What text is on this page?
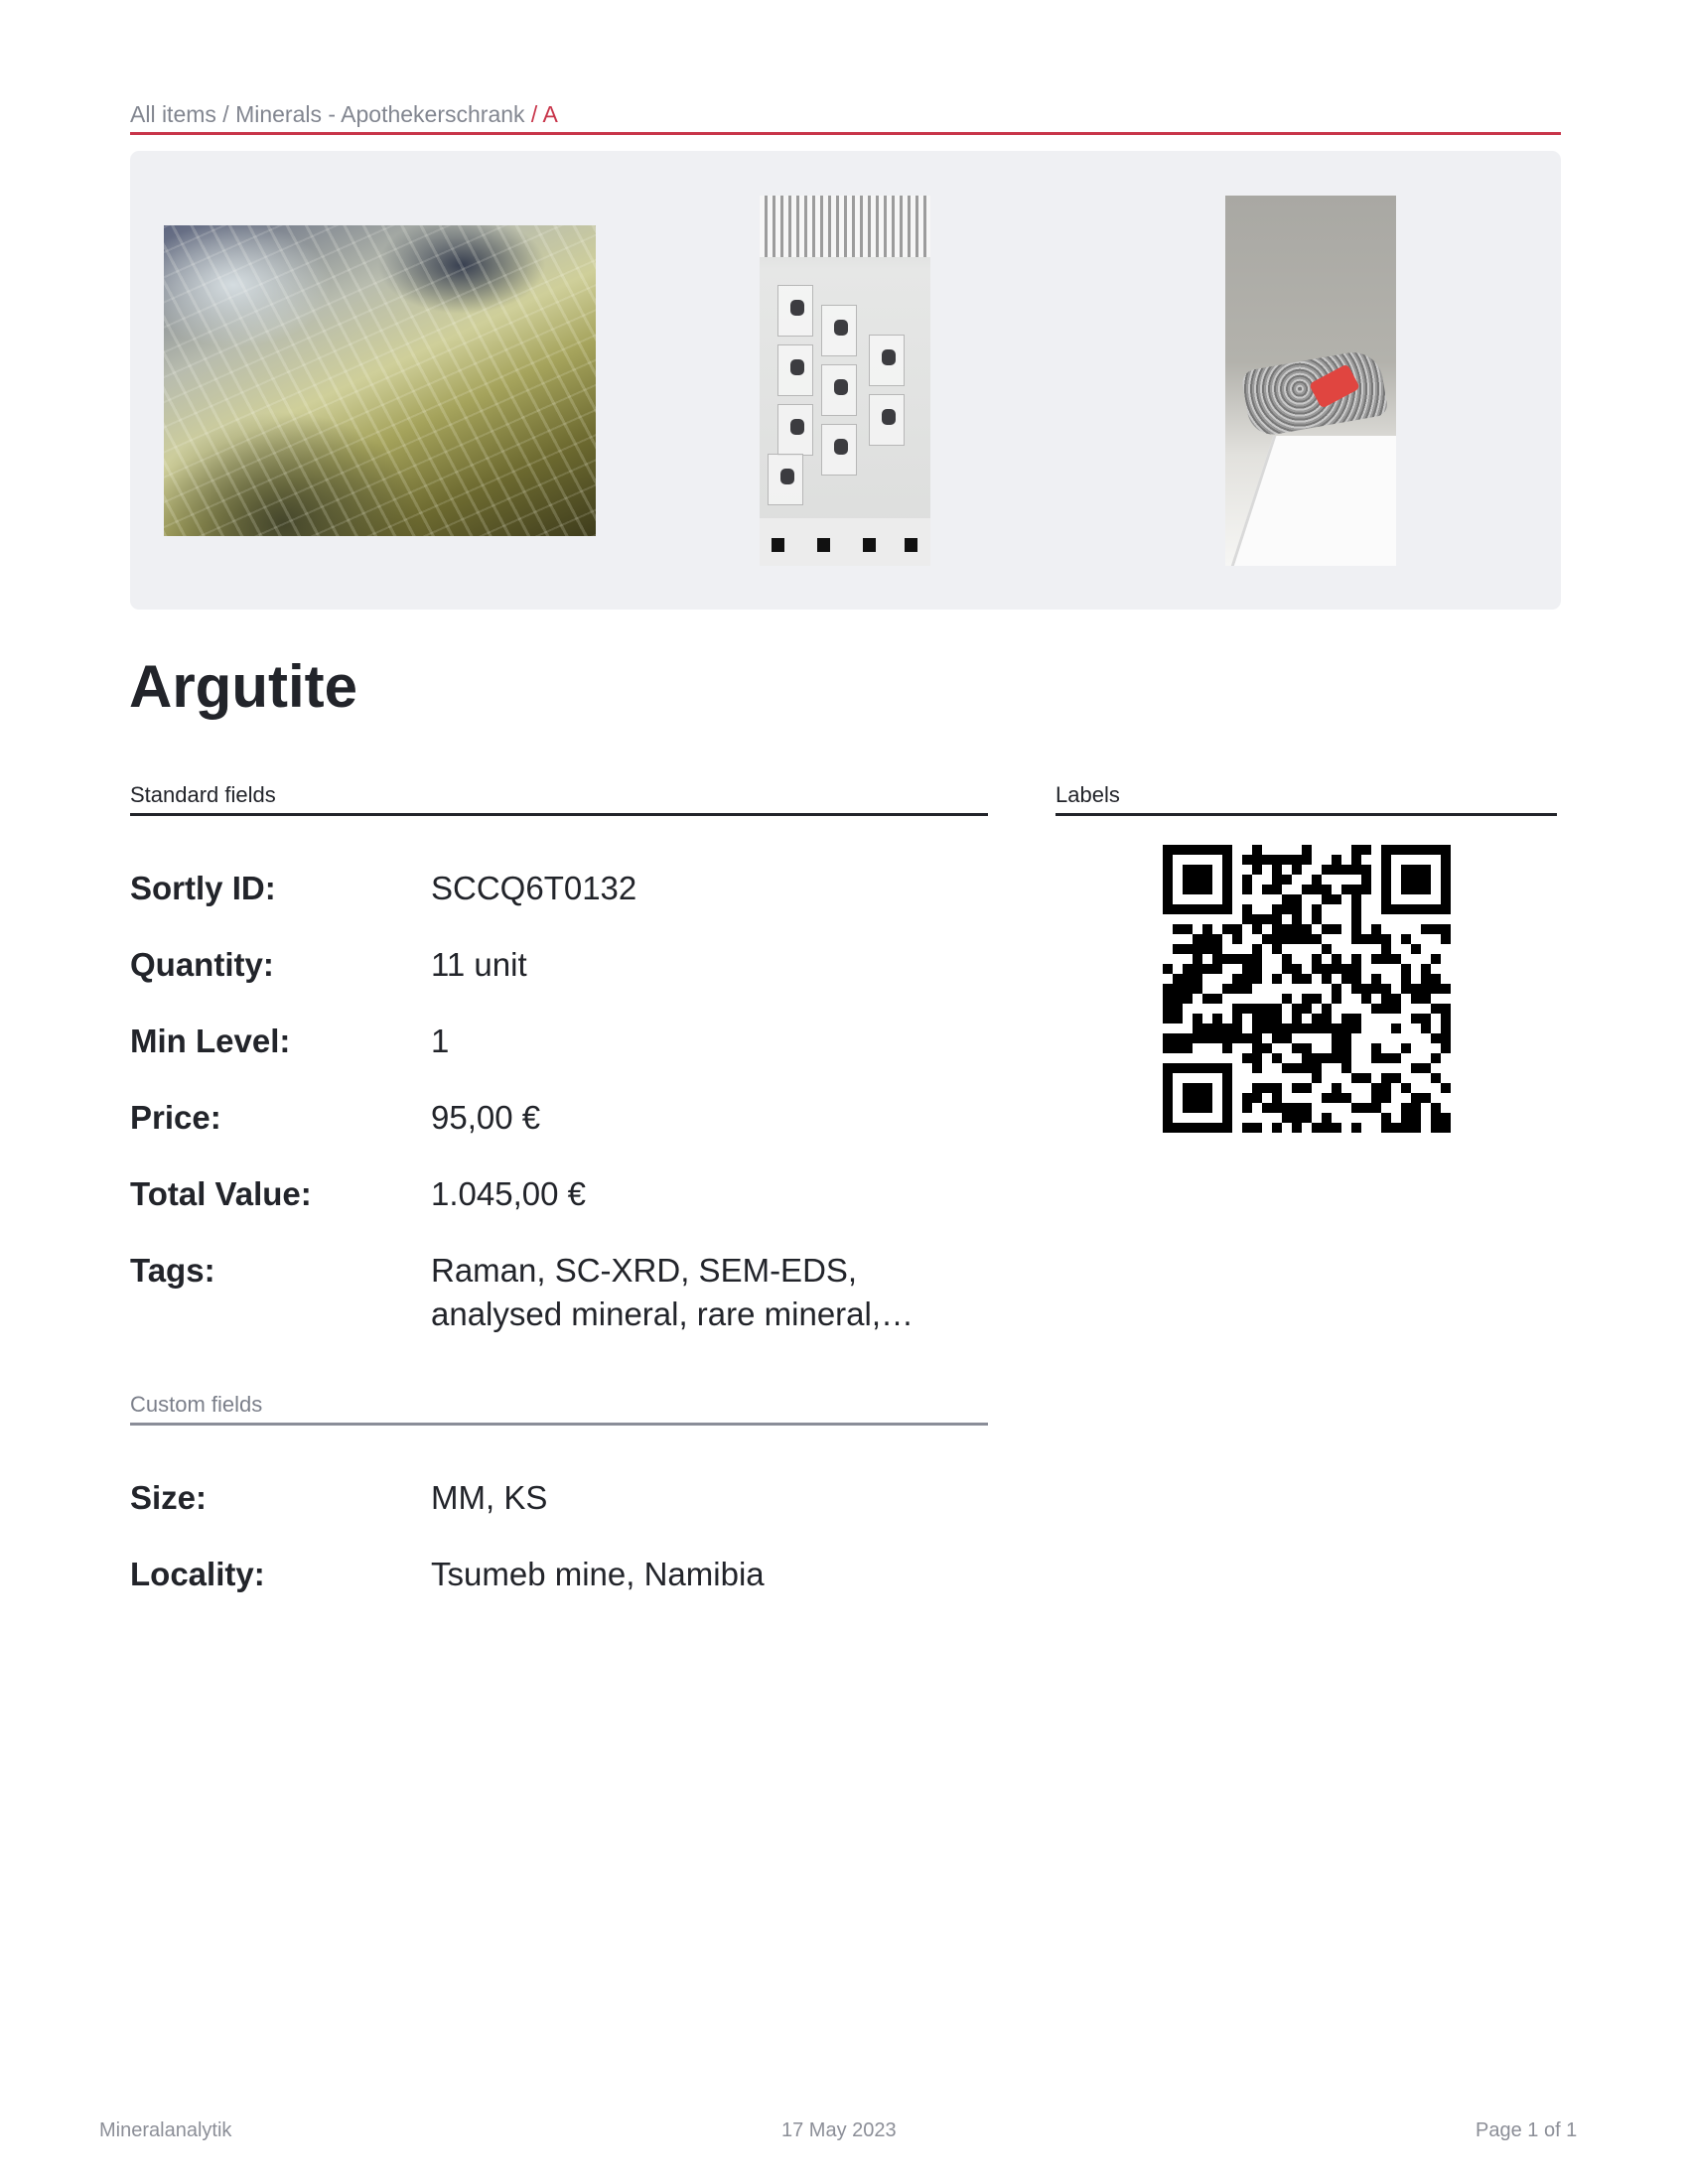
All items / Minerals - Apothekerschrank / A
Argutite
Standard fields
Sortly ID:	SCCQ6T0132
Quantity:	11 unit
Min Level:	1
Price:	95,00 €
Total Value:	1.045,00 €
Tags:	Raman, SC-XRD, SEM-EDS,
analysed mineral, rare mineral,…
Custom fields
Size:	MM, KS
Locality:	Tsumeb mine, Namibia
Labels
Mineralanalytik	17 May 2023	Page 1 of 1
